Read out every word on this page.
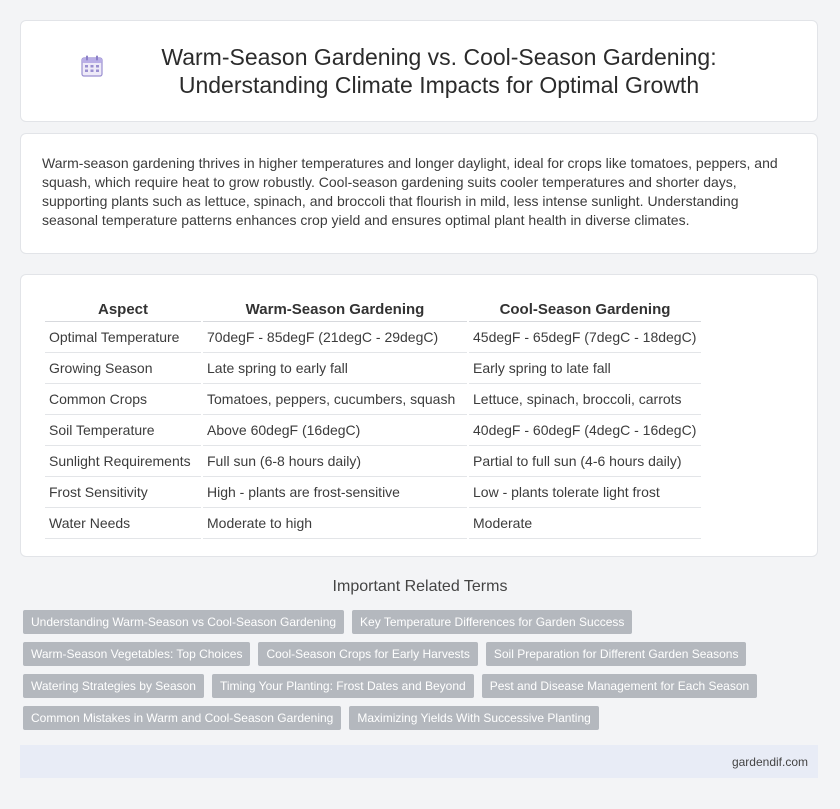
Warm-Season Gardening vs. Cool-Season Gardening: Understanding Climate Impacts for Optimal Growth

Warm-season gardening thrives in higher temperatures and longer daylight, ideal for crops like tomatoes, peppers, and squash, which require heat to grow robustly. Cool-season gardening suits cooler temperatures and shorter days, supporting plants such as lettuce, spinach, and broccoli that flourish in mild, less intense sunlight. Understanding seasonal temperature patterns enhances crop yield and ensures optimal plant health in diverse climates.

Aspect	Warm-Season Gardening	Cool-Season Gardening
Optimal Temperature	70degF - 85degF (21degC - 29degC)	45degF - 65degF (7degC - 18degC)
Growing Season	Late spring to early fall	Early spring to late fall
Common Crops	Tomatoes, peppers, cucumbers, squash	Lettuce, spinach, broccoli, carrots
Soil Temperature	Above 60degF (16degC)	40degF - 60degF (4degC - 16degC)
Sunlight Requirements	Full sun (6-8 hours daily)	Partial to full sun (4-6 hours daily)
Frost Sensitivity	High - plants are frost-sensitive	Low - plants tolerate light frost
Water Needs	Moderate to high	Moderate
Important Related Terms
Understanding Warm-Season vs Cool-Season Gardening	Key Temperature Differences for Garden Success
Warm-Season Vegetables: Top Choices	Cool-Season Crops for Early Harvests	Soil Preparation for Different Garden Seasons
Watering Strategies by Season	Timing Your Planting: Frost Dates and Beyond	Pest and Disease Management for Each Season
Common Mistakes in Warm and Cool-Season Gardening	Maximizing Yields With Successive Planting
gardendif.com
